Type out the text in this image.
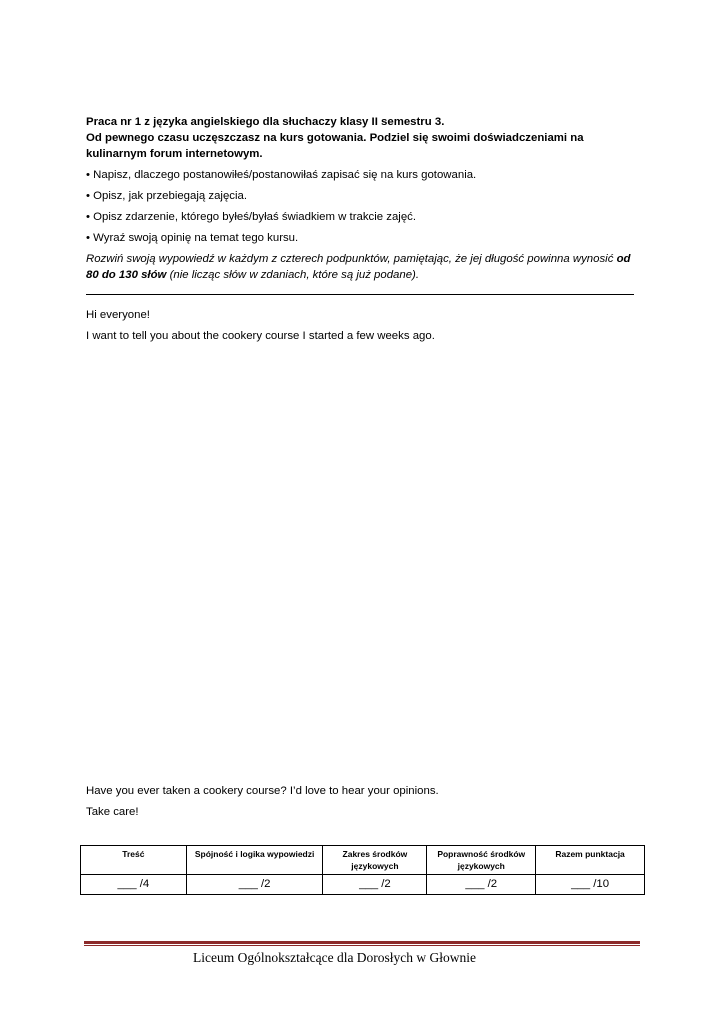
Praca nr 1 z języka angielskiego dla słuchaczy klasy II semestru 3.

Od pewnego czasu uczęszczasz na kurs gotowania. Podziel się swoimi doświadczeniami na kulinarnym forum internetowym.

• Napisz, dlaczego postanowiłeś/postanowiłaś zapisać się na kurs gotowania.

• Opisz, jak przebiegają zajęcia.

• Opisz zdarzenie, którego byłeś/byłaś świadkiem w trakcie zajęć.

• Wyraź swoją opinię na temat tego kursu.

Rozwiń swoją wypowiedź w każdym z czterech podpunktów, pamiętając, że jej długość powinna wynosić od 80 do 130 słów (nie licząc słów w zdaniach, które są już podane).

Hi everyone!

I want to tell you about the cookery course I started a few weeks ago.

Have you ever taken a cookery course? I’d love to hear your opinions.

Take care!

Treść	Spójność i logika wypowiedzi	Zakres środków językowych	Poprawność środków językowych	Razem punktacja
___ /4	___ /2	___ /2	___ /2	___ /10
Liceum Ogólnokształcące dla Dorosłych w Głownie
